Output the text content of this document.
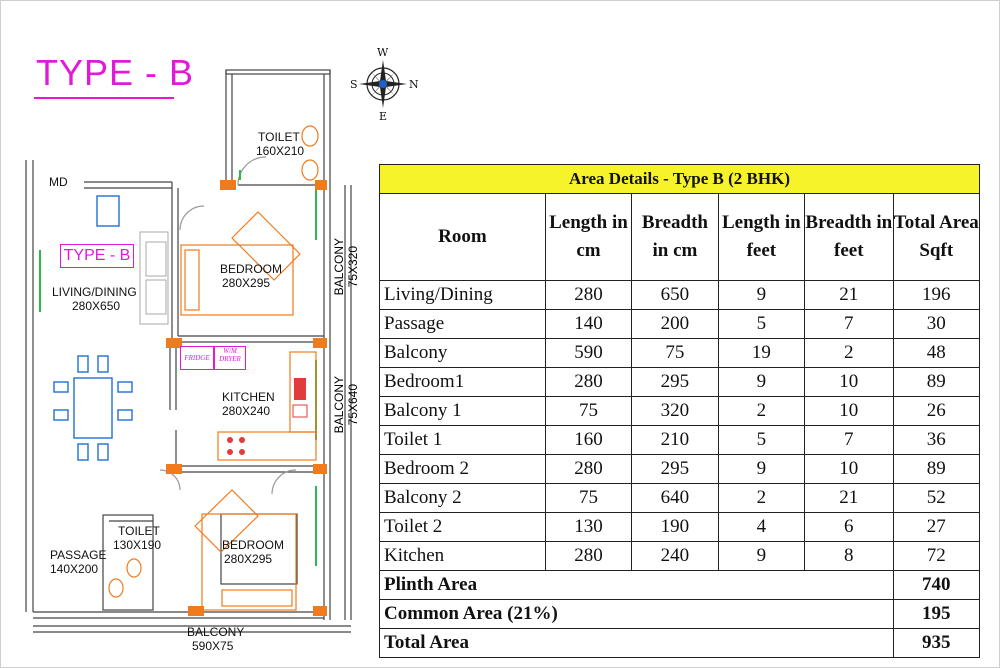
TYPE - B	W
S	N
E
MD
TYPE - B
TOILET
160X210
BEDROOM
280X295
LIVING/DINING
280X650
BALCONY
75X320
FRIDGE
W/M DRYER
KITCHEN
280X240	BALCONY
75X640
TOILET
130X190	BEDROOM
280X295
PASSAGE
140X200
BALCONY
590X75
Area Details - Type B (2 BHK)					
Room	Length in cm	Breadth in cm	Length in feet	Breadth in feet	Total Area Sqft
Living/Dining	280	650	9	21	196
Passage	140	200	5	7	30
Balcony	590	75	19	2	48
Bedroom1	280	295	9	10	89
Balcony 1	75	320	2	10	26
Toilet 1	160	210	5	7	36
Bedroom 2	280	295	9	10	89
Balcony 2	75	640	2	21	52
Toilet 2	130	190	4	6	27
Kitchen	280	240	9	8	72
Plinth Area					740
Common Area (21%)					195
Total Area					935
